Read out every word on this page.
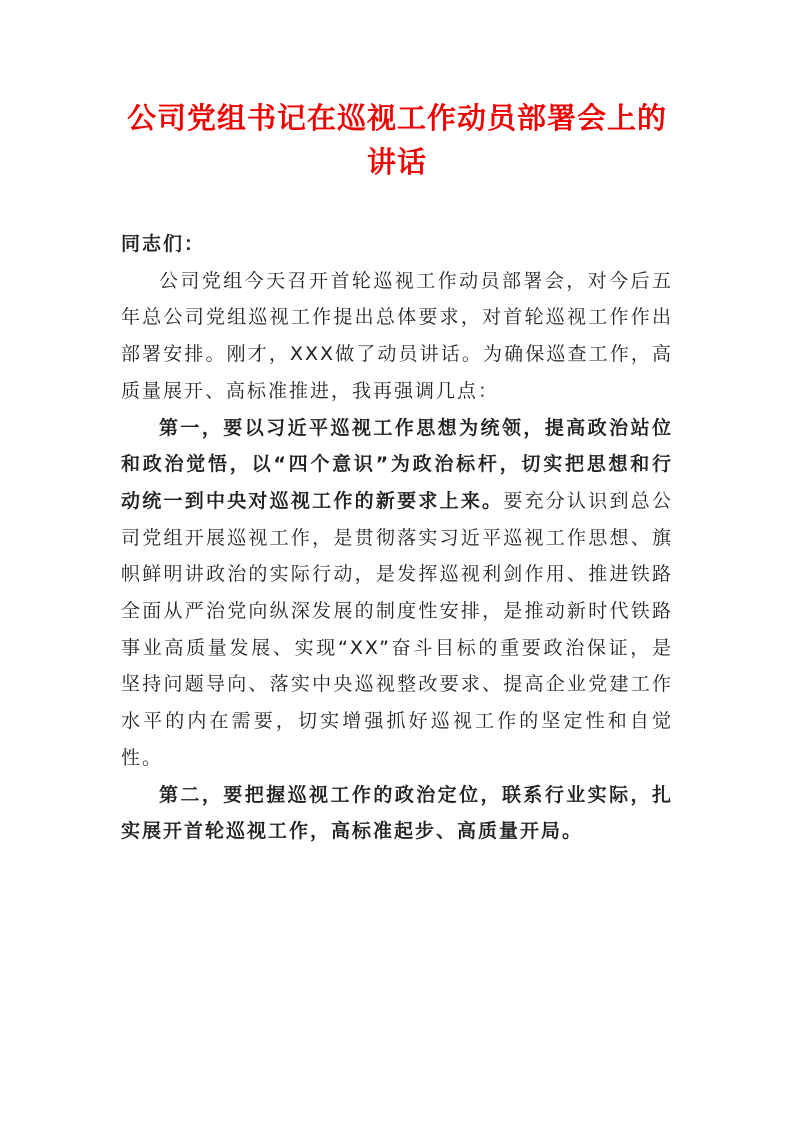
公司党组书记在巡视工作动员部署会上的讲话

同志们：

公司党组今天召开首轮巡视工作动员部署会，对今后五年总公司党组巡视工作提出总体要求，对首轮巡视工作作出部署安排。刚才，XXX做了动员讲话。为确保巡查工作，高质量展开、高标准推进，我再强调几点：

第一，要以习近平巡视工作思想为统领，提高政治站位和政治觉悟，以“四个意识”为政治标杆，切实把思想和行动统一到中央对巡视工作的新要求上来。要充分认识到总公司党组开展巡视工作，是贯彻落实习近平巡视工作思想、旗帜鲜明讲政治的实际行动，是发挥巡视利剑作用、推进铁路全面从严治党向纵深发展的制度性安排，是推动新时代铁路事业高质量发展、实现“XX”奋斗目标的重要政治保证，是坚持问题导向、落实中央巡视整改要求、提高企业党建工作水平的内在需要，切实增强抓好巡视工作的坚定性和自觉性。

第二，要把握巡视工作的政治定位，联系行业实际，扎实展开首轮巡视工作，高标准起步、高质量开局。
